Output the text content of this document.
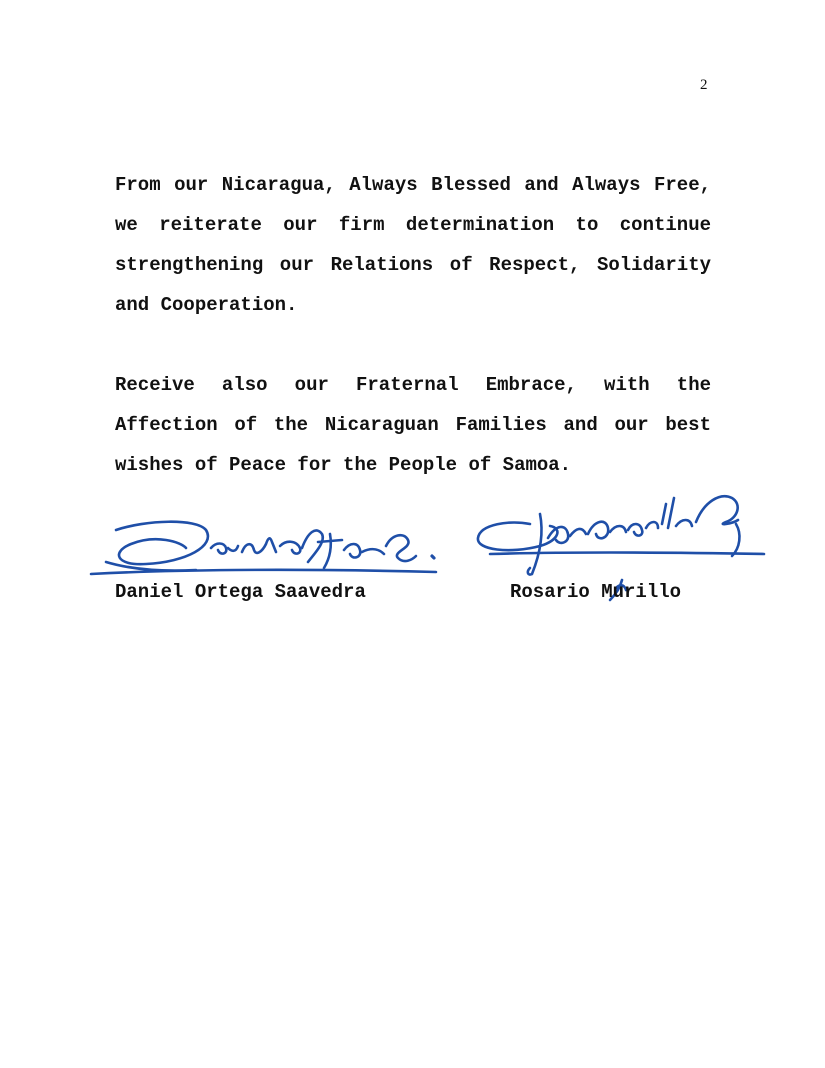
2

From our Nicaragua, Always Blessed and Always Free, we reiterate our firm determination to continue strengthening our Relations of Respect, Solidarity and Cooperation.

Receive also our Fraternal Embrace, with the Affection of the Nicaraguan Families and our best wishes of Peace for the People of Samoa.

Daniel Ortega Saavedra	Rosario Murillo
